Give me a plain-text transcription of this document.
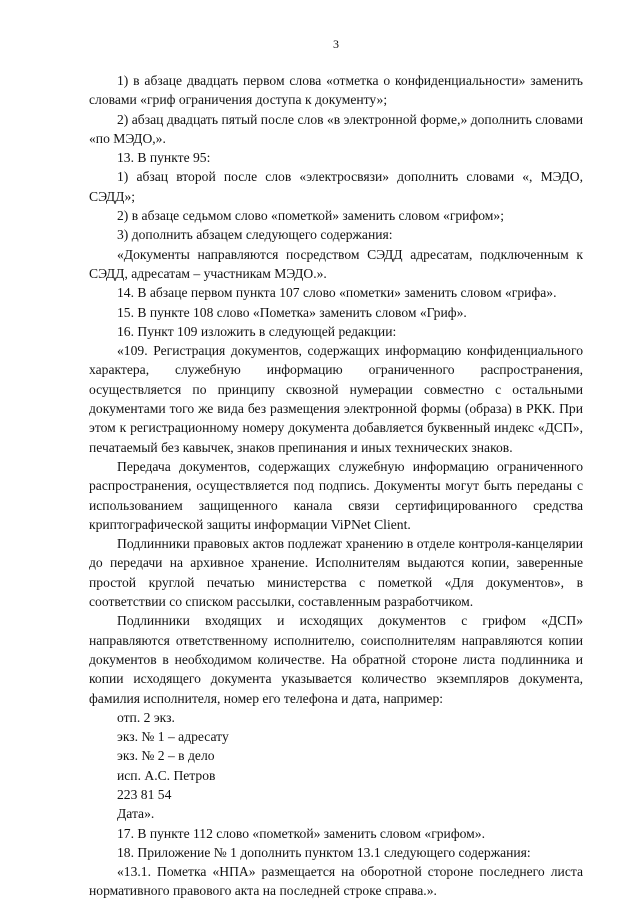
3

1) в абзаце двадцать первом слова «отметка о конфиденциальности» заменить словами «гриф ограничения доступа к документу»;

2) абзац двадцать пятый после слов «в электронной форме,» дополнить словами «по МЭДО,».

13. В пункте 95:

1) абзац второй после слов «электросвязи» дополнить словами «, МЭДО, СЭДД»;

2) в абзаце седьмом слово «пометкой» заменить словом «грифом»;

3) дополнить абзацем следующего содержания:

«Документы направляются посредством СЭДД адресатам, подключенным к СЭДД, адресатам – участникам МЭДО.».

14. В абзаце первом пункта 107 слово «пометки» заменить словом «грифа».

15. В пункте 108 слово «Пометка» заменить словом «Гриф».

16. Пункт 109 изложить в следующей редакции:

«109. Регистрация документов, содержащих информацию конфиденциального характера, служебную информацию ограниченного распространения, осуществляется по принципу сквозной нумерации совместно с остальными документами того же вида без размещения электронной формы (образа) в РКК. При этом к регистрационному номеру документа добавляется буквенный индекс «ДСП», печатаемый без кавычек, знаков препинания и иных технических знаков.

Передача документов, содержащих служебную информацию ограниченного распространения, осуществляется под подпись. Документы могут быть переданы с использованием защищенного канала связи сертифицированного средства криптографической защиты информации ViPNet Client.

Подлинники правовых актов подлежат хранению в отделе контроля-канцелярии до передачи на архивное хранение. Исполнителям выдаются копии, заверенные простой круглой печатью министерства с пометкой «Для документов», в соответствии со списком рассылки, составленным разработчиком.

Подлинники входящих и исходящих документов с грифом «ДСП» направляются ответственному исполнителю, соисполнителям направляются копии документов в необходимом количестве. На обратной стороне листа подлинника и копии исходящего документа указывается количество экземпляров документа, фамилия исполнителя, номер его телефона и дата, например:

отп. 2 экз.

экз. № 1 – адресату

экз. № 2 – в дело

исп. А.С. Петров

223 81 54

Дата».

17. В пункте 112 слово «пометкой» заменить словом «грифом».

18. Приложение № 1 дополнить пунктом 13.1 следующего содержания:

«13.1. Пометка «НПА» размещается на оборотной стороне последнего листа нормативного правового акта на последней строке справа.».
